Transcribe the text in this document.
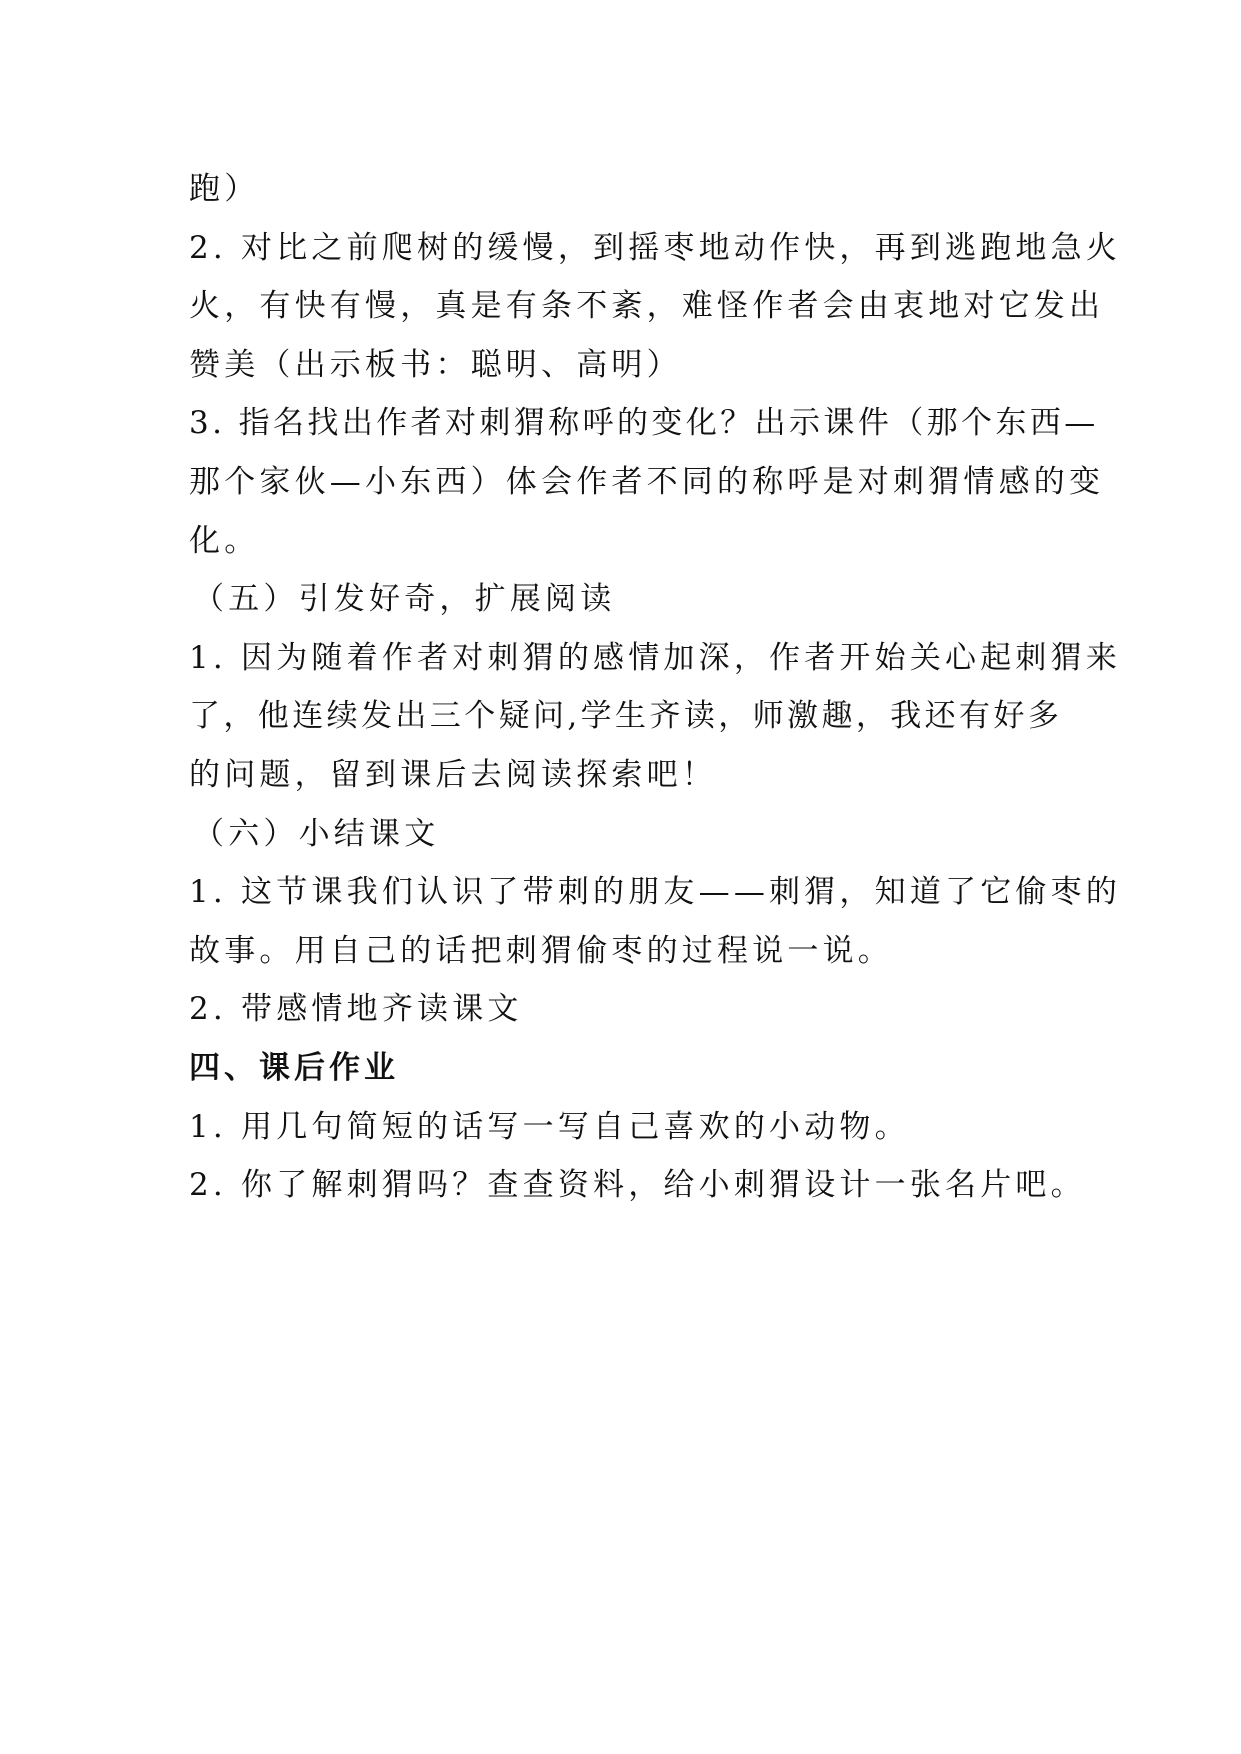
跑）
2. 对比之前爬树的缓慢，到摇枣地动作快，再到逃跑地急火
火，有快有慢，真是有条不紊，难怪作者会由衷地对它发出
赞美（出示板书：聪明、高明）
3. 指名找出作者对刺猬称呼的变化？出示课件（那个东西—
那个家伙—小东西）体会作者不同的称呼是对刺猬情感的变
化。
（五）引发好奇，扩展阅读
1. 因为随着作者对刺猬的感情加深，作者开始关心起刺猬来
了，他连续发出三个疑问,学生齐读，师激趣，我还有好多
的问题，留到课后去阅读探索吧！
（六）小结课文
1. 这节课我们认识了带刺的朋友——刺猬，知道了它偷枣的
故事。用自己的话把刺猬偷枣的过程说一说。
2. 带感情地齐读课文
四、课后作业
1. 用几句简短的话写一写自己喜欢的小动物。
2. 你了解刺猬吗？查查资料，给小刺猬设计一张名片吧。
